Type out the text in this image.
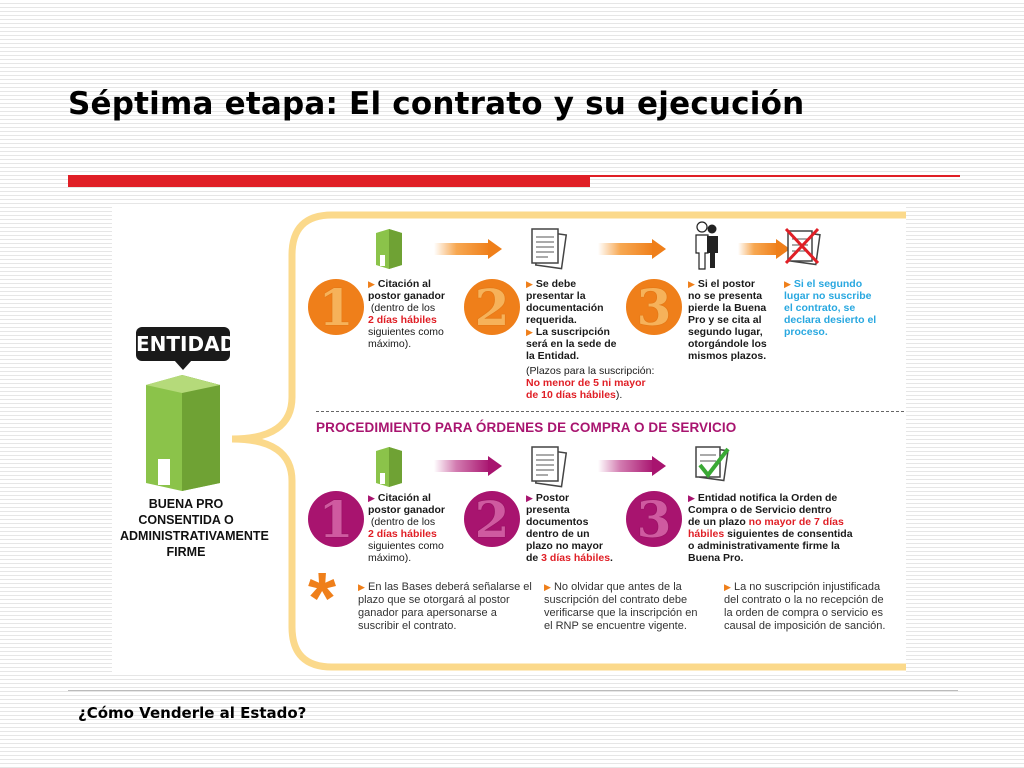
Séptima etapa: El contrato y su ejecución
ENTIDAD
BUENA PRO
CONSENTIDA O
ADMINISTRATIVAMENTE
FIRME
1 2	3
▶ Citación al
postor ganador
(dentro de los
2 días hábiles
siguientes como
máximo).
▶ Se debe
presentar la
documentación
requerida.
▶ La suscripción
será en la sede de
la Entidad.
(Plazos para la suscripción:
No menor de 5 ni mayor
de 10 días hábiles).
▶ Si el postor
no se presenta
pierde la Buena
Pro y se cita al
segundo lugar,
otorgándole los
mismos plazos.
▶ Si el segundo
lugar no suscribe
el contrato, se
declara desierto el
proceso.
PROCEDIMIENTO PARA ÓRDENES DE COMPRA O DE SERVICIO
1 2	3
▶ Citación al
postor ganador
(dentro de los
2 días hábiles
siguientes como
máximo).
▶ Postor
presenta
documentos
dentro de un
plazo no mayor
de 3 días hábiles.
▶ Entidad notifica la Orden de
Compra o de Servicio dentro
de un plazo no mayor de 7 días
hábiles siguientes de consentida
o administrativamente firme la
Buena Pro.
* ▶ En las Bases deberá señalarse el
plazo que se otorgará al postor
ganador para apersonarse a
suscribir el contrato.
▶ No olvidar que antes de la
suscripción del contrato debe
verificarse que la inscripción en
el RNP se encuentre vigente.
▶ La no suscripción injustificada
del contrato o la no recepción de
la orden de compra o servicio es
causal de imposición de sanción.
¿Cómo Venderle al Estado?
